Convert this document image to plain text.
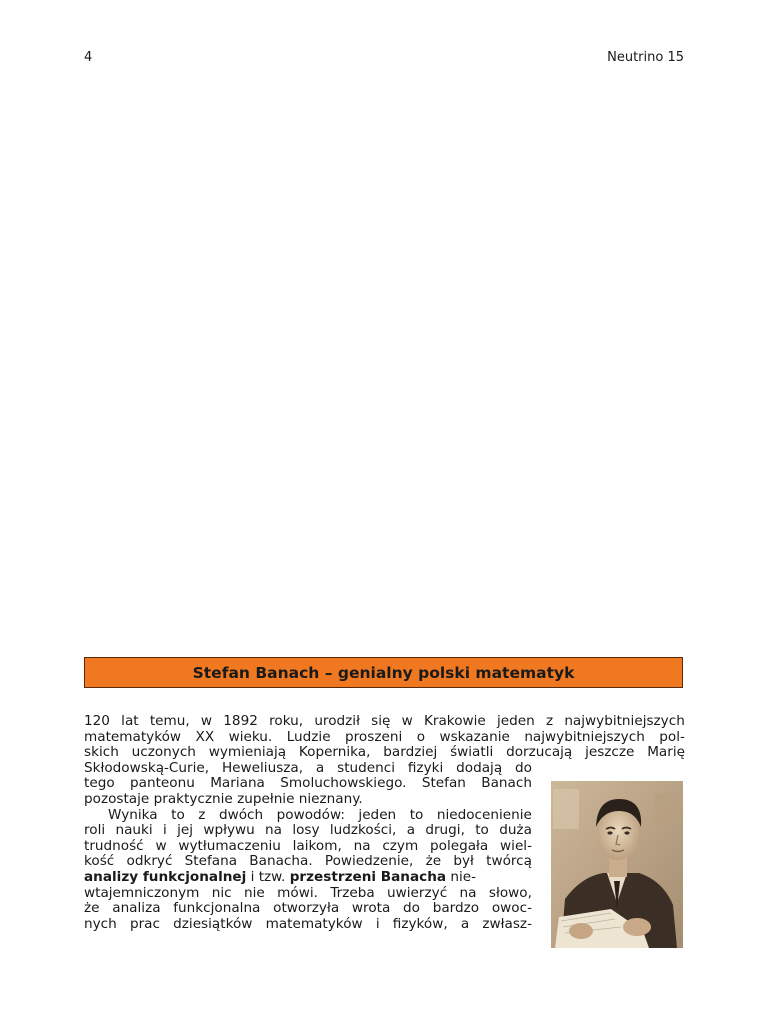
4	Neutrino 15
Stefan Banach – genialny polski matematyk
120 lat temu, w 1892 roku, urodził się w Krakowie jeden z najwybitniejszych
matematyków XX wieku. Ludzie proszeni o wskazanie najwybitniejszych pol-
skich uczonych wymieniają Kopernika, bardziej światli dorzucają jeszcze Marię
Skłodowską-Curie, Heweliusza, a studenci fizyki dodają do
tego panteonu Mariana Smoluchowskiego. Stefan Banach
pozostaje praktycznie zupełnie nieznany.
Wynika to z dwóch powodów: jeden to niedocenienie
roli nauki i jej wpływu na losy ludzkości, a drugi, to duża
trudność w wytłumaczeniu laikom, na czym polegała wiel-
kość odkryć Stefana Banacha. Powiedzenie, że był twórcą
analizy funkcjonalnej i tzw. przestrzeni Banacha nie-
wtajemniczonym nic nie mówi. Trzeba uwierzyć na słowo,
że analiza funkcjonalna otworzyła wrota do bardzo owoc-
nych prac dziesiątków matematyków i fizyków, a zwłasz-
